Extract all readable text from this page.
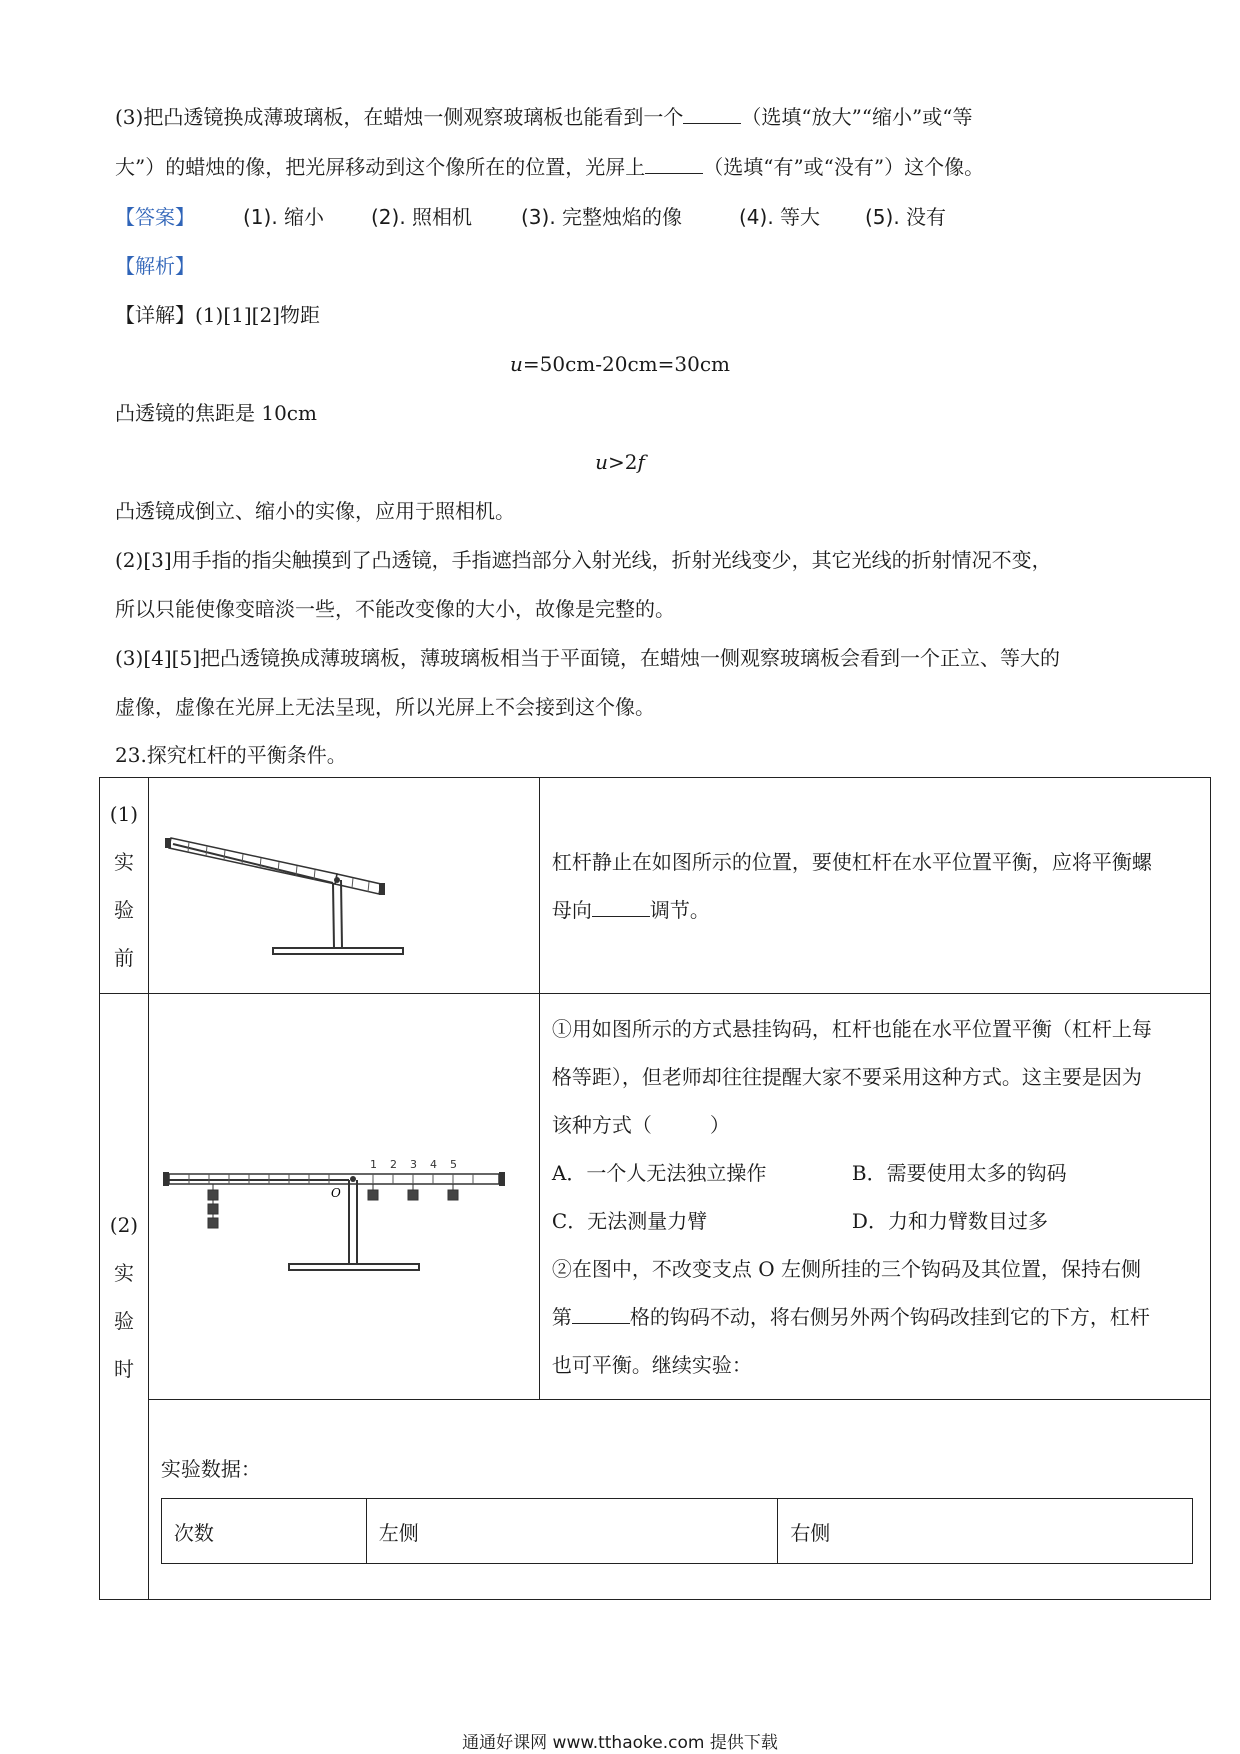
(3)把凸透镜换成薄玻璃板，在蜡烛一侧观察玻璃板也能看到一个	（选填“放大”“缩小”或“等
大”）的蜡烛的像，把光屏移动到这个像所在的位置，光屏上	（选填“有”或“没有”）这个像。
【答案】 (1). 缩小 (2). 照相机 (3). 完整烛焰的像	(4). 等大 (5). 没有
【解析】
【详解】(1)[1][2]物距
u=50cm-20cm=30cm
凸透镜的焦距是 10cm
u>2f
凸透镜成倒立、缩小的实像，应用于照相机。
(2)[3]用手指的指尖触摸到了凸透镜，手指遮挡部分入射光线，折射光线变少，其它光线的折射情况不变，
所以只能使像变暗淡一些，不能改变像的大小，故像是完整的。
(3)[4][5]把凸透镜换成薄玻璃板，薄玻璃板相当于平面镜，在蜡烛一侧观察玻璃板会看到一个正立、等大的
虚像，虚像在光屏上无法呈现，所以光屏上不会接到这个像。
23.探究杠杆的平衡条件。
(1)
实
验
前

杠杆静止在如图所示的位置，要使杠杆在水平位置平衡，应将平衡螺
母向	调节。

(2)
实
验
时

O
1 2 3 4 5

①用如图所示的方式悬挂钩码，杠杆也能在水平位置平衡（杠杆上每
格等距），但老师却往往提醒大家不要采用这种方式。这主要是因为
该种方式（	）
A．一个人无法独立操作	B．需要使用太多的钩码
C．无法测量力臂	D．力和力臂数目过多
②在图中，不改变支点 O 左侧所挂的三个钩码及其位置，保持右侧
第	格的钩码不动，将右侧另外两个钩码改挂到它的下方，杠杆
也可平衡。继续实验：

实验数据：
次数	左侧	右侧
通通好课网 www.tthaoke.com 提供下载
